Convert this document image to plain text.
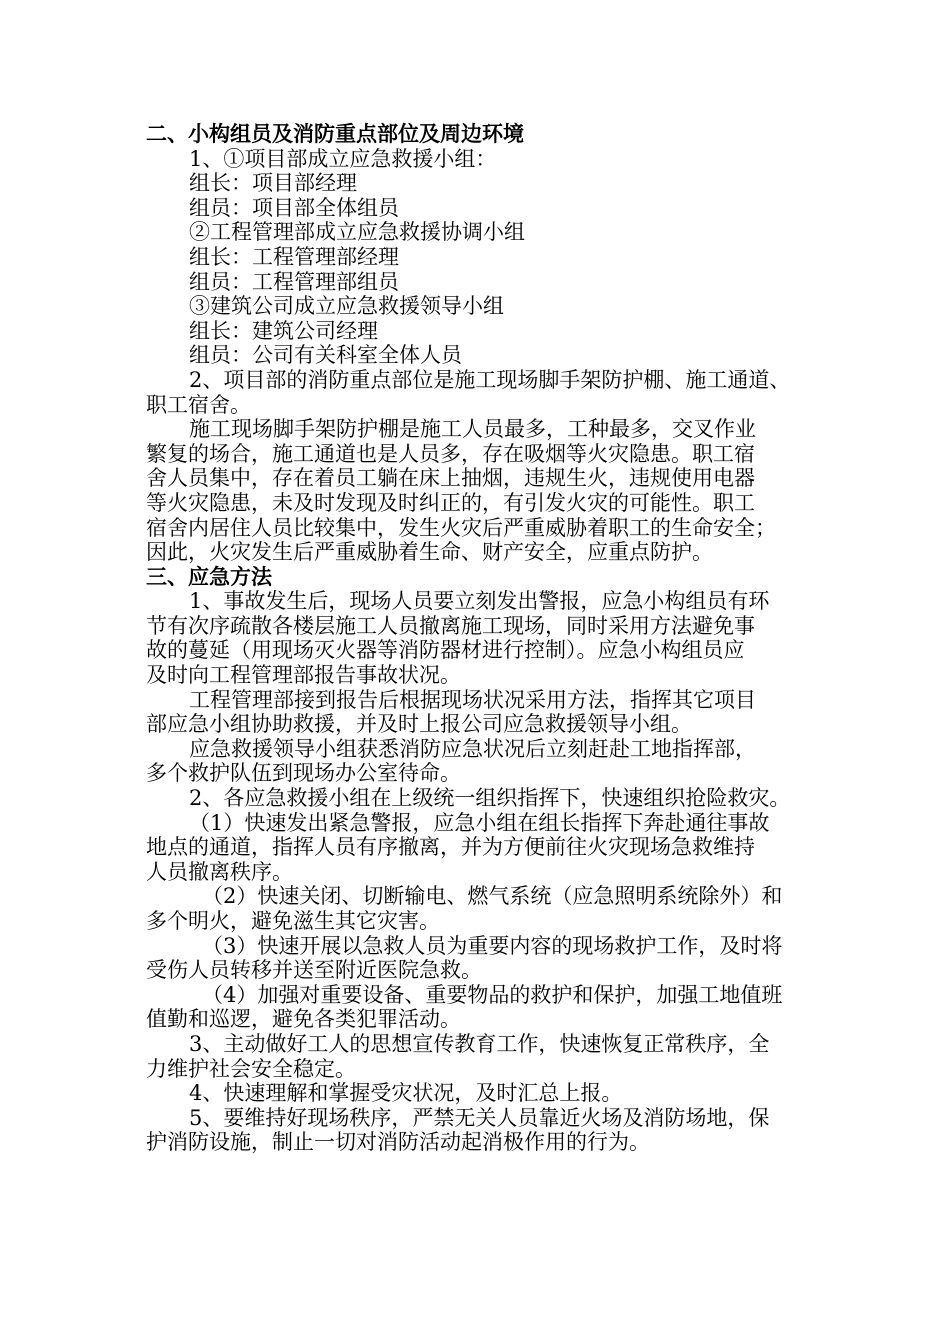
二、小构组员及消防重点部位及周边环境
1、①项目部成立应急救援小组：
组长：项目部经理
组员：项目部全体组员
②工程管理部成立应急救援协调小组
组长：工程管理部经理
组员：工程管理部组员
③建筑公司成立应急救援领导小组
组长：建筑公司经理
组员：公司有关科室全体人员
2、项目部的消防重点部位是施工现场脚手架防护棚、施工通道、
职工宿舍。
施工现场脚手架防护棚是施工人员最多，工种最多，交叉作业
繁复的场合，施工通道也是人员多，存在吸烟等火灾隐患。职工宿
舍人员集中，存在着员工躺在床上抽烟，违规生火，违规使用电器
等火灾隐患，未及时发现及时纠正的，有引发火灾的可能性。职工
宿舍内居住人员比较集中，发生火灾后严重威胁着职工的生命安全；
因此，火灾发生后严重威胁着生命、财产安全，应重点防护。
三、应急方法
1、事故发生后，现场人员要立刻发出警报，应急小构组员有环
节有次序疏散各楼层施工人员撤离施工现场，同时采用方法避免事
故的蔓延（用现场灭火器等消防器材进行控制）。应急小构组员应
及时向工程管理部报告事故状况。
工程管理部接到报告后根据现场状况采用方法，指挥其它项目
部应急小组协助救援，并及时上报公司应急救援领导小组。
应急救援领导小组获悉消防应急状况后立刻赶赴工地指挥部，
多个救护队伍到现场办公室待命。
2、各应急救援小组在上级统一组织指挥下，快速组织抢险救灾。
（1）快速发出紧急警报，应急小组在组长指挥下奔赴通往事故
地点的通道，指挥人员有序撤离，并为方便前往火灾现场急救维持
人员撤离秩序。
（2）快速关闭、切断输电、燃气系统（应急照明系统除外）和
多个明火，避免滋生其它灾害。
（3）快速开展以急救人员为重要内容的现场救护工作，及时将
受伤人员转移并送至附近医院急救。
（4）加强对重要设备、重要物品的救护和保护，加强工地值班
值勤和巡逻，避免各类犯罪活动。
3、主动做好工人的思想宣传教育工作，快速恢复正常秩序，全
力维护社会安全稳定。
4、快速理解和掌握受灾状况，及时汇总上报。
5、要维持好现场秩序，严禁无关人员靠近火场及消防场地，保
护消防设施，制止一切对消防活动起消极作用的行为。
